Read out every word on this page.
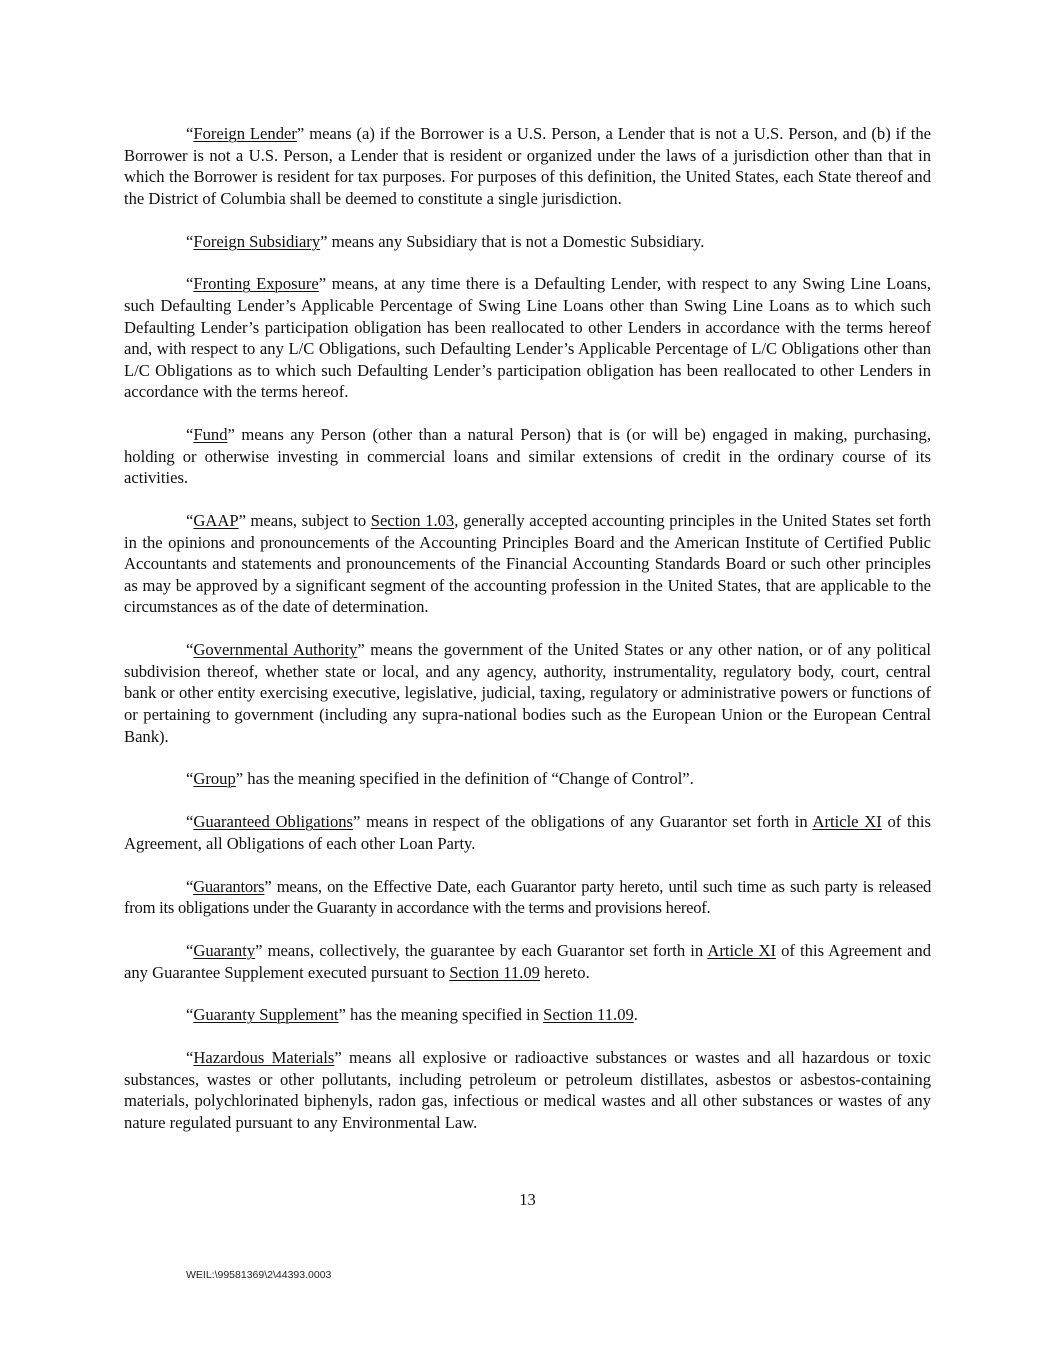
“Foreign Lender” means (a) if the Borrower is a U.S. Person, a Lender that is not a U.S. Person, and (b) if the Borrower is not a U.S. Person, a Lender that is resident or organized under the laws of a jurisdiction other than that in which the Borrower is resident for tax purposes. For purposes of this definition, the United States, each State thereof and the District of Columbia shall be deemed to constitute a single jurisdiction.

“Foreign Subsidiary” means any Subsidiary that is not a Domestic Subsidiary.

“Fronting Exposure” means, at any time there is a Defaulting Lender, with respect to any Swing Line Loans, such Defaulting Lender’s Applicable Percentage of Swing Line Loans other than Swing Line Loans as to which such Defaulting Lender’s participation obligation has been reallocated to other Lenders in accordance with the terms hereof and, with respect to any L/C Obligations, such Defaulting Lender’s Applicable Percentage of L/C Obligations other than L/C Obligations as to which such Defaulting Lender’s participation obligation has been reallocated to other Lenders in accordance with the terms hereof.

“Fund” means any Person (other than a natural Person) that is (or will be) engaged in making, purchasing, holding or otherwise investing in commercial loans and similar extensions of credit in the ordinary course of its activities.

“GAAP” means, subject to Section 1.03, generally accepted accounting principles in the United States set forth in the opinions and pronouncements of the Accounting Principles Board and the American Institute of Certified Public Accountants and statements and pronouncements of the Financial Accounting Standards Board or such other principles as may be approved by a significant segment of the accounting profession in the United States, that are applicable to the circumstances as of the date of determination.

“Governmental Authority” means the government of the United States or any other nation, or of any political subdivision thereof, whether state or local, and any agency, authority, instrumentality, regulatory body, court, central bank or other entity exercising executive, legislative, judicial, taxing, regulatory or administrative powers or functions of or pertaining to government (including any supra-national bodies such as the European Union or the European Central Bank).

“Group” has the meaning specified in the definition of “Change of Control”.

“Guaranteed Obligations” means in respect of the obligations of any Guarantor set forth in Article XI of this Agreement, all Obligations of each other Loan Party.

“Guarantors” means, on the Effective Date, each Guarantor party hereto, until such time as such party is released from its obligations under the Guaranty in accordance with the terms and provisions hereof.

“Guaranty” means, collectively, the guarantee by each Guarantor set forth in Article XI of this Agreement and any Guarantee Supplement executed pursuant to Section 11.09 hereto.

“Guaranty Supplement” has the meaning specified in Section 11.09.

“Hazardous Materials” means all explosive or radioactive substances or wastes and all hazardous or toxic substances, wastes or other pollutants, including petroleum or petroleum distillates, asbestos or asbestos-containing materials, polychlorinated biphenyls, radon gas, infectious or medical wastes and all other substances or wastes of any nature regulated pursuant to any Environmental Law.

13
WEIL:\99581369\2\44393.0003
